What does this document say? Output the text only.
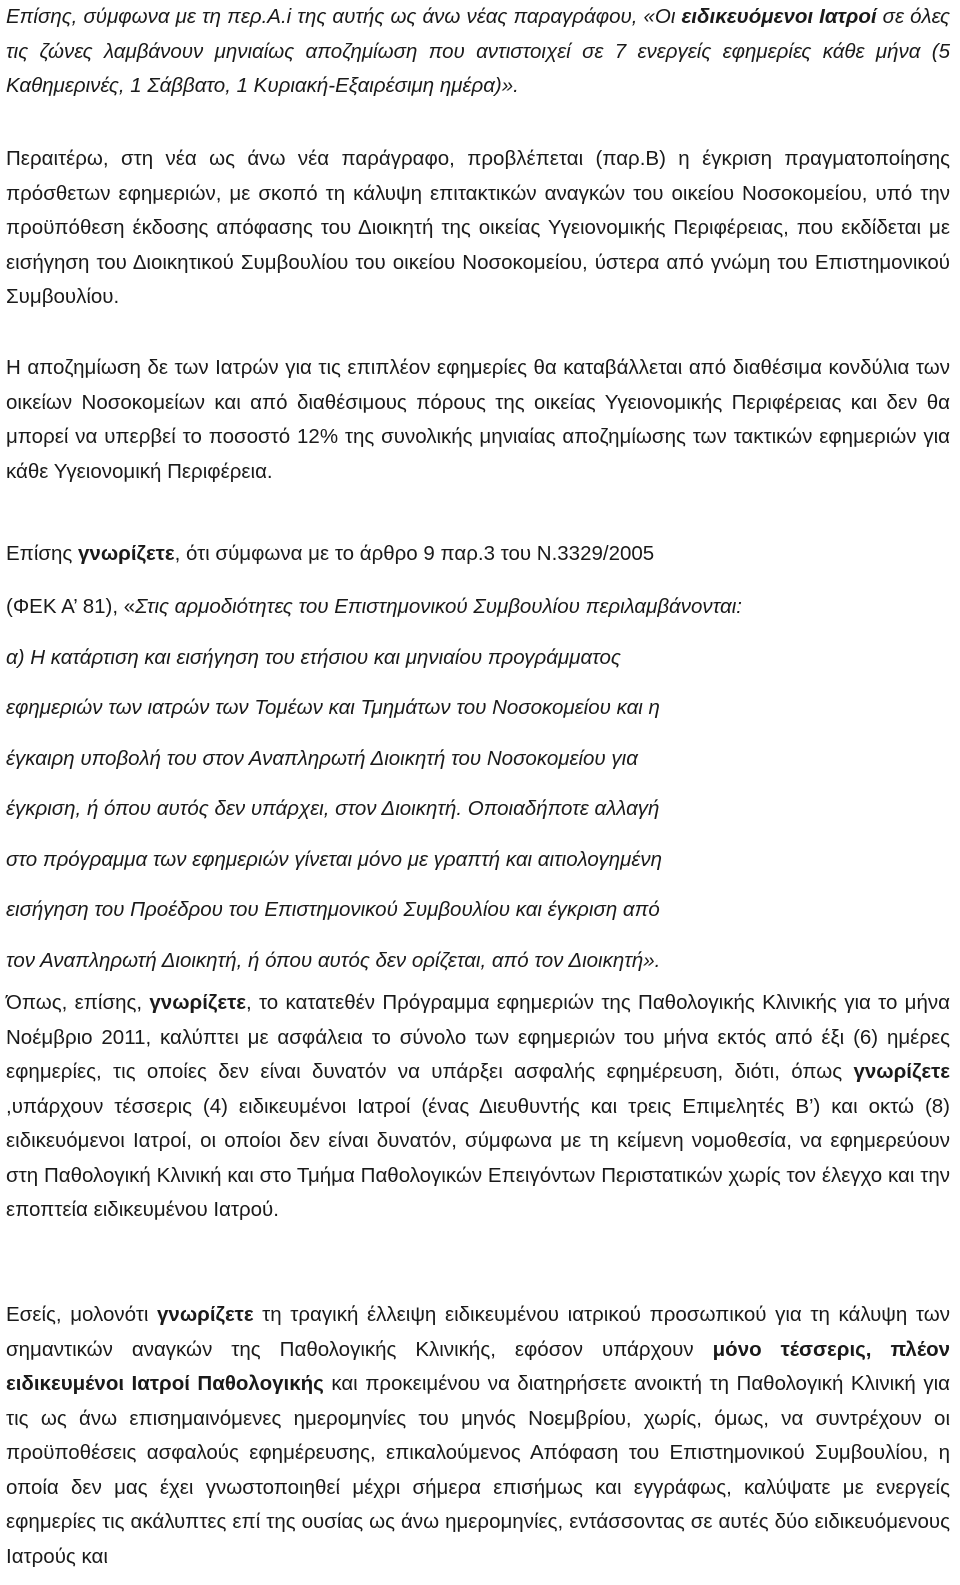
Επίσης, σύμφωνα με τη περ.Α.i της αυτής ως άνω νέας παραγράφου, «Οι ειδικευόμενοι Ιατροί σε όλες τις ζώνες λαμβάνουν μηνιαίως αποζημίωση που αντιστοιχεί σε 7 ενεργείς εφημερίες κάθε μήνα (5 Καθημερινές, 1 Σάββατο, 1 Κυριακή-Εξαιρέσιμη ημέρα)».

Περαιτέρω, στη νέα ως άνω νέα παράγραφο, προβλέπεται (παρ.Β) η έγκριση πραγματοποίησης πρόσθετων εφημεριών, με σκοπό τη κάλυψη επιτακτικών αναγκών του οικείου Νοσοκομείου, υπό την προϋπόθεση έκδοσης απόφασης του Διοικητή της οικείας Υγειονομικής Περιφέρειας, που εκδίδεται με εισήγηση του Διοικητικού Συμβουλίου του οικείου Νοσοκομείου, ύστερα από γνώμη του Επιστημονικού Συμβουλίου.

Η αποζημίωση δε των Ιατρών για τις επιπλέον εφημερίες θα καταβάλλεται από διαθέσιμα κονδύλια των οικείων Νοσοκομείων και από διαθέσιμους πόρους της οικείας Υγειονομικής Περιφέρειας και δεν θα μπορεί να υπερβεί το ποσοστό 12% της συνολικής μηνιαίας αποζημίωσης των τακτικών εφημεριών για κάθε Υγειονομική Περιφέρεια.

Επίσης γνωρίζετε, ότι σύμφωνα με το άρθρο 9 παρ.3 του Ν.3329/2005

(ΦΕΚ Α’ 81), «Στις αρμοδιότητες του Επιστημονικού Συμβουλίου περιλαμβάνονται:
α) Η κατάρτιση και εισήγηση του ετήσιου και μηνιαίου προγράμματος
εφημεριών των ιατρών των Τομέων και Τμημάτων του Νοσοκομείου και η
έγκαιρη υποβολή του στον Αναπληρωτή Διοικητή του Νοσοκομείου για
έγκριση, ή όπου αυτός δεν υπάρχει, στον Διοικητή. Οποιαδήποτε αλλαγή
στο πρόγραμμα των εφημεριών γίνεται μόνο με γραπτή και αιτιολογημένη
εισήγηση του Προέδρου του Επιστημονικού Συμβουλίου και έγκριση από
τον Αναπληρωτή Διοικητή, ή όπου αυτός δεν ορίζεται, από τον Διοικητή».

Όπως, επίσης, γνωρίζετε, το κατατεθέν Πρόγραμμα εφημεριών της Παθολογικής Κλινικής για το μήνα Νοέμβριο 2011, καλύπτει με ασφάλεια το σύνολο των εφημεριών του μήνα εκτός από έξι (6) ημέρες εφημερίες, τις οποίες δεν είναι δυνατόν να υπάρξει ασφαλής εφημέρευση, διότι, όπως γνωρίζετε ,υπάρχουν τέσσερις (4) ειδικευμένοι Ιατροί (ένας Διευθυντής και τρεις Επιμελητές Β’) και οκτώ (8) ειδικευόμενοι Ιατροί, οι οποίοι δεν είναι δυνατόν, σύμφωνα με τη κείμενη νομοθεσία, να εφημερεύουν στη Παθολογική Κλινική και στο Τμήμα Παθολογικών Επειγόντων Περιστατικών χωρίς τον έλεγχο και την εποπτεία ειδικευμένου Ιατρού.

Εσείς, μολονότι γνωρίζετε τη τραγική έλλειψη ειδικευμένου ιατρικού προσωπικού για τη κάλυψη των σημαντικών αναγκών της Παθολογικής Κλινικής, εφόσον υπάρχουν μόνο τέσσερις, πλέον ειδικευμένοι Ιατροί Παθολογικής και προκειμένου να διατηρήσετε ανοικτή τη Παθολογική Κλινική για τις ως άνω επισημαινόμενες ημερομηνίες του μηνός Νοεμβρίου, χωρίς, όμως, να συντρέχουν οι προϋποθέσεις ασφαλούς εφημέρευσης, επικαλούμενος Απόφαση του Επιστημονικού Συμβουλίου, η οποία δεν μας έχει γνωστοποιηθεί μέχρι σήμερα επισήμως και εγγράφως, καλύψατε με ενεργείς εφημερίες τις ακάλυπτες επί της ουσίας ως άνω ημερομηνίες, εντάσσοντας σε αυτές δύο ειδικευόμενους Ιατρούς και
